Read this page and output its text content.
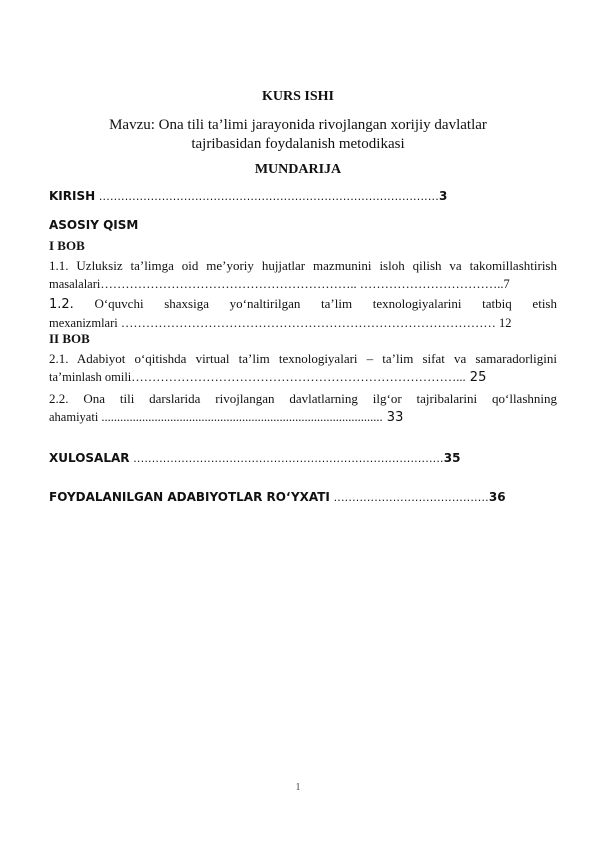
KURS ISHI
Mavzu: Ona tili ta’limi jarayonida rivojlangan xorijiy davlatlar
tajribasidan foydalanish metodikasi
MUNDARIJA
KIRISH ............................................................................................3
ASOSIY QISM
I BOB
1.1. Uzluksiz ta’limga oid me’yoriy hujjatlar mazmunini isloh qilish va takomillashtirish
masalalari…………………………………………………….. ……………………………..7
1.2. O‘quvchi shaxsiga yo‘naltirilgan ta’lim texnologiyalarini tatbiq etish
mexanizmlari ……………………………………………………………………………… 12
II BOB
2.1. Adabiyot o‘qitishda virtual ta’lim texnologiyalari – ta’lim sifat va samaradorligini
ta’minlash omili……………………………………………………………………... 25
2.2. Ona tili darslarida rivojlangan davlatlarning ilg‘or tajribalarini qo‘llashning
ahamiyati .......................................................................................... 33
XULOSALAR ....................................................................................35
FOYDALANILGAN ADABIYOTLAR RO‘YXATI ..........................................36
1
